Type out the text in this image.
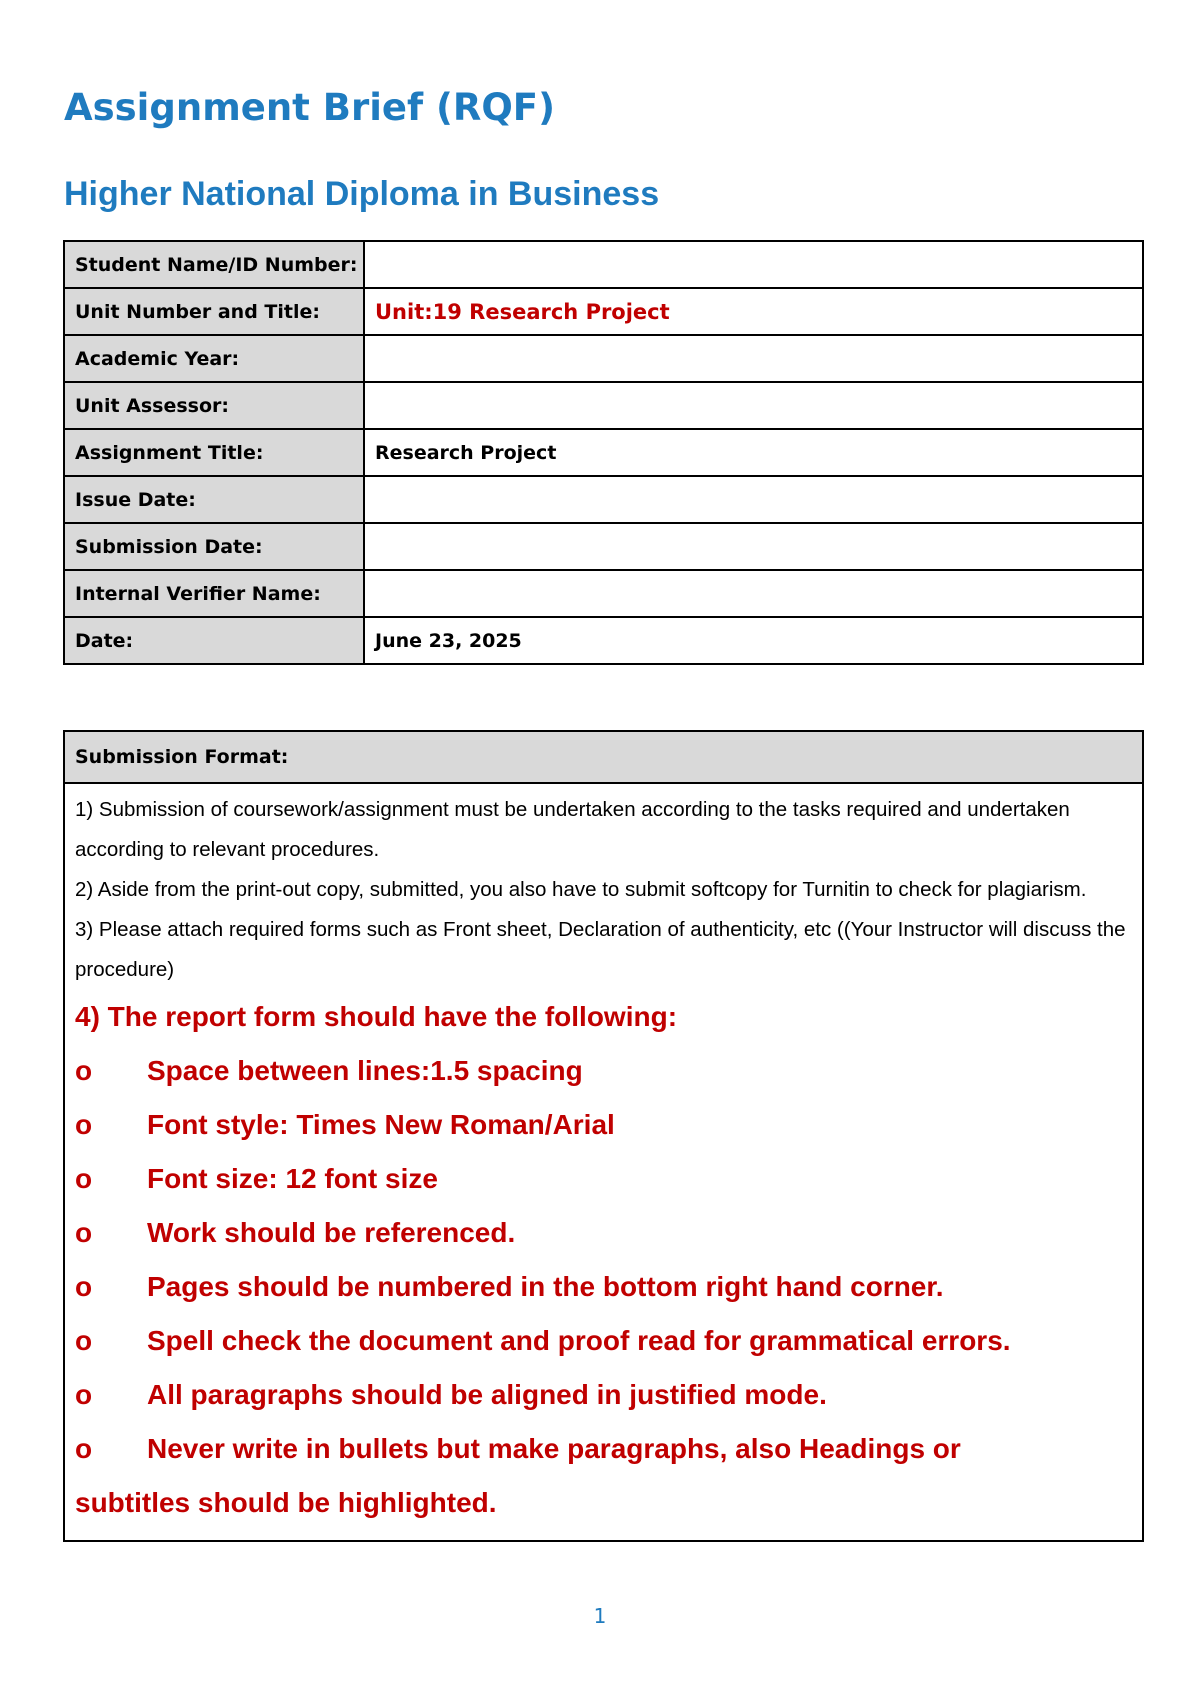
Assignment Brief (RQF)
Higher National Diploma in Business
Student Name/ID Number:	
Unit Number and Title:	Unit:19 Research Project
Academic Year:	
Unit Assessor:	
Assignment Title:	Research Project
Issue Date:	
Submission Date:	
Internal Verifier Name:	
Date:	June 23, 2025
Submission Format:

1) Submission of coursework/assignment must be undertaken according to the tasks required and undertaken according to relevant procedures.

2) Aside from the print-out copy, submitted, you also have to submit softcopy for Turnitin to check for plagiarism.

3) Please attach required forms such as Front sheet, Declaration of authenticity, etc ((Your Instructor will discuss the procedure)

4) The report form should have the following:

o	Space between lines:1.5 spacing
o	Font style: Times New Roman/Arial
o	Font size: 12 font size
o	Work should be referenced.
o	Pages should be numbered in the bottom right hand corner.
o	Spell check the document and proof read for grammatical errors.
o	All paragraphs should be aligned in justified mode.
o	Never write in bullets but make paragraphs, also Headings or

subtitles should be highlighted.

1
